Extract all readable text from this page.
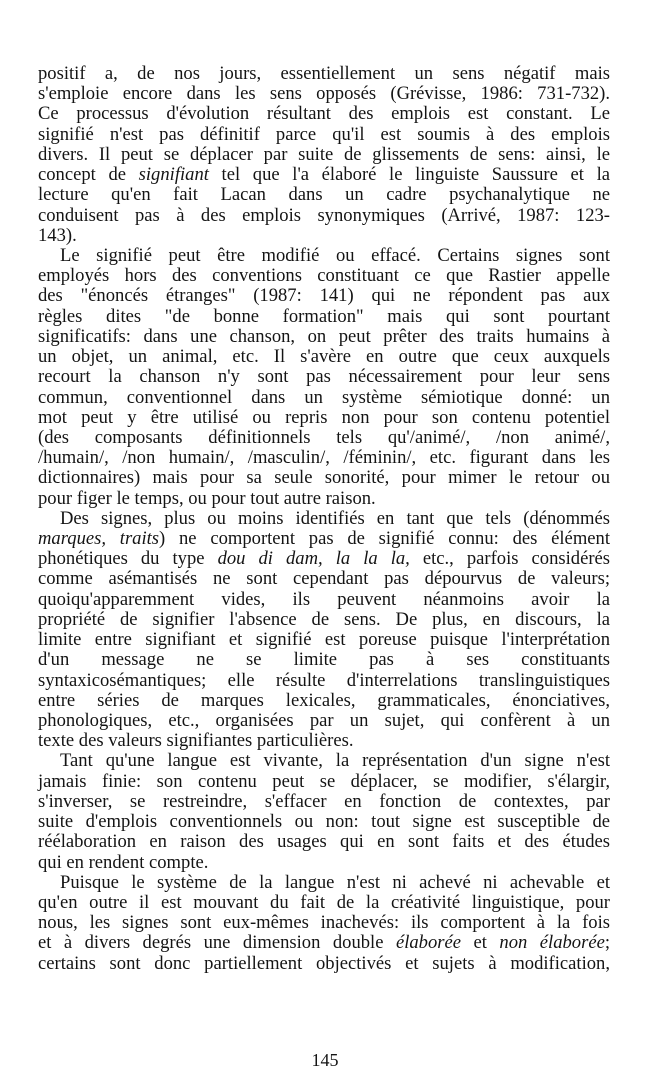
positif a, de nos jours, essentiellement un sens négatif mais
s'emploie encore dans les sens opposés (Grévisse, 1986: 731-732).
Ce processus d'évolution résultant des emplois est constant. Le
signifié n'est pas définitif parce qu'il est soumis à des emplois
divers. Il peut se déplacer par suite de glissements de sens: ainsi, le
concept de signifiant tel que l'a élaboré le linguiste Saussure et la
lecture qu'en fait Lacan dans un cadre psychanalytique ne
conduisent pas à des emplois synonymiques (Arrivé, 1987: 123-
143).
Le signifié peut être modifié ou effacé. Certains signes sont
employés hors des conventions constituant ce que Rastier appelle
des "énoncés étranges" (1987: 141) qui ne répondent pas aux
règles dites "de bonne formation" mais qui sont pourtant
significatifs: dans une chanson, on peut prêter des traits humains à
un objet, un animal, etc. Il s'avère en outre que ceux auxquels
recourt la chanson n'y sont pas nécessairement pour leur sens
commun, conventionnel dans un système sémiotique donné: un
mot peut y être utilisé ou repris non pour son contenu potentiel
(des composants définitionnels tels qu'/animé/, /non animé/,
/humain/, /non humain/, /masculin/, /féminin/, etc. figurant dans les
dictionnaires) mais pour sa seule sonorité, pour mimer le retour ou
pour figer le temps, ou pour tout autre raison.
Des signes, plus ou moins identifiés en tant que tels (dénommés
marques, traits) ne comportent pas de signifié connu: des élément
phonétiques du type dou di dam, la la la, etc., parfois considérés
comme asémantisés ne sont cependant pas dépourvus de valeurs;
quoiqu'apparemment vides, ils peuvent néanmoins avoir la
propriété de signifier l'absence de sens. De plus, en discours, la
limite entre signifiant et signifié est poreuse puisque l'interprétation
d'un message ne se limite pas à ses constituants
syntaxicosémantiques; elle résulte d'interrelations translinguistiques
entre séries de marques lexicales, grammaticales, énonciatives,
phonologiques, etc., organisées par un sujet, qui confèrent à un
texte des valeurs signifiantes particulières.
Tant qu'une langue est vivante, la représentation d'un signe n'est
jamais finie: son contenu peut se déplacer, se modifier, s'élargir,
s'inverser, se restreindre, s'effacer en fonction de contextes, par
suite d'emplois conventionnels ou non: tout signe est susceptible de
réélaboration en raison des usages qui en sont faits et des études
qui en rendent compte.
Puisque le système de la langue n'est ni achevé ni achevable et
qu'en outre il est mouvant du fait de la créativité linguistique, pour
nous, les signes sont eux-mêmes inachevés: ils comportent à la fois
et à divers degrés une dimension double élaborée et non élaborée;
certains sont donc partiellement objectivés et sujets à modification,
145
